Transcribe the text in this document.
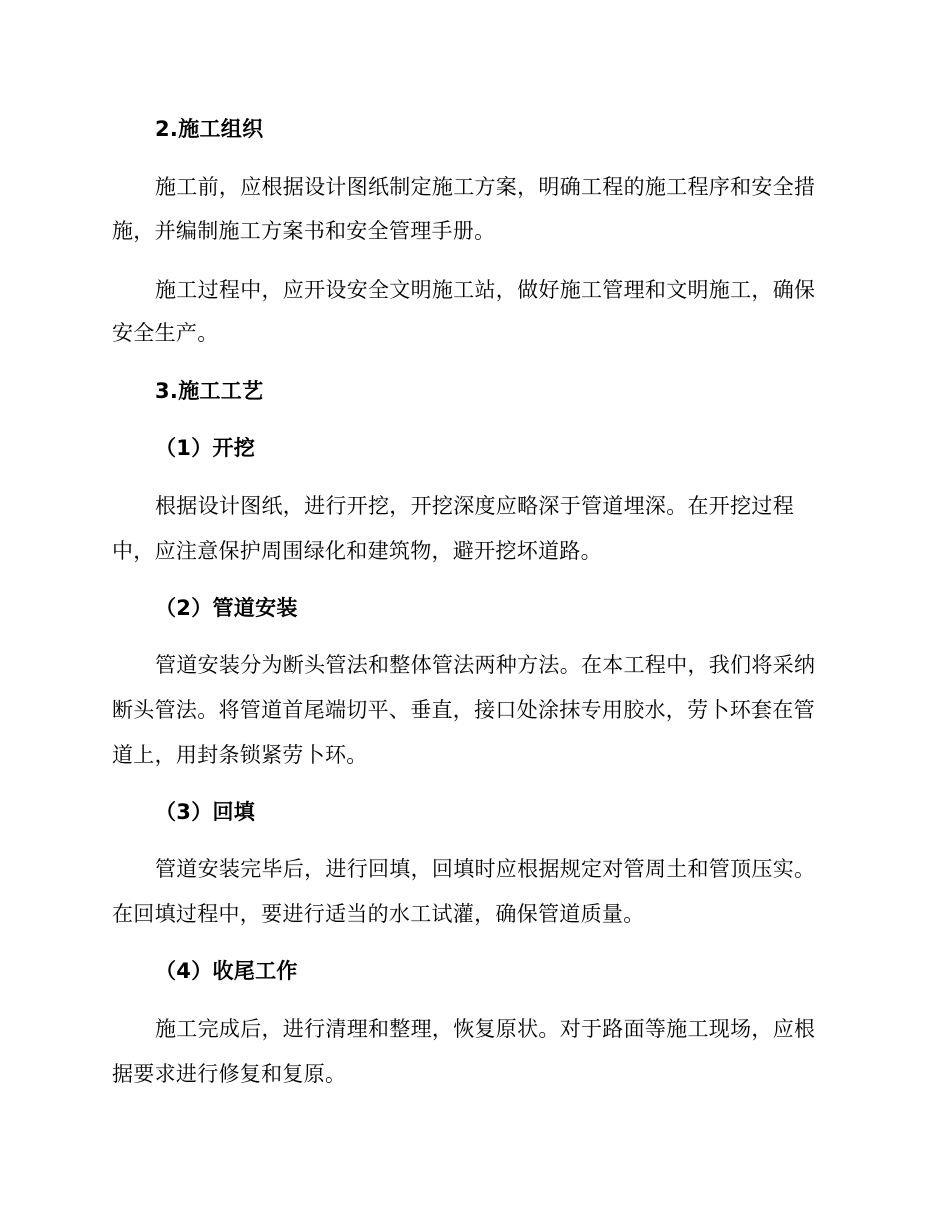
2.施工组织
施工前，应根据设计图纸制定施工方案，明确工程的施工程序和安全措
施，并编制施工方案书和安全管理手册。
施工过程中，应开设安全文明施工站，做好施工管理和文明施工，确保
安全生产。
3.施工工艺
（1）开挖
根据设计图纸，进行开挖，开挖深度应略深于管道埋深。在开挖过程
中，应注意保护周围绿化和建筑物，避开挖坏道路。
（2）管道安装
管道安装分为断头管法和整体管法两种方法。在本工程中，我们将采纳
断头管法。将管道首尾端切平、垂直，接口处涂抹专用胶水，劳卜环套在管
道上，用封条锁紧劳卜环。
（3）回填
管道安装完毕后，进行回填，回填时应根据规定对管周土和管顶压实。
在回填过程中，要进行适当的水工试灌，确保管道质量。
（4）收尾工作
施工完成后，进行清理和整理，恢复原状。对于路面等施工现场，应根
据要求进行修复和复原。
